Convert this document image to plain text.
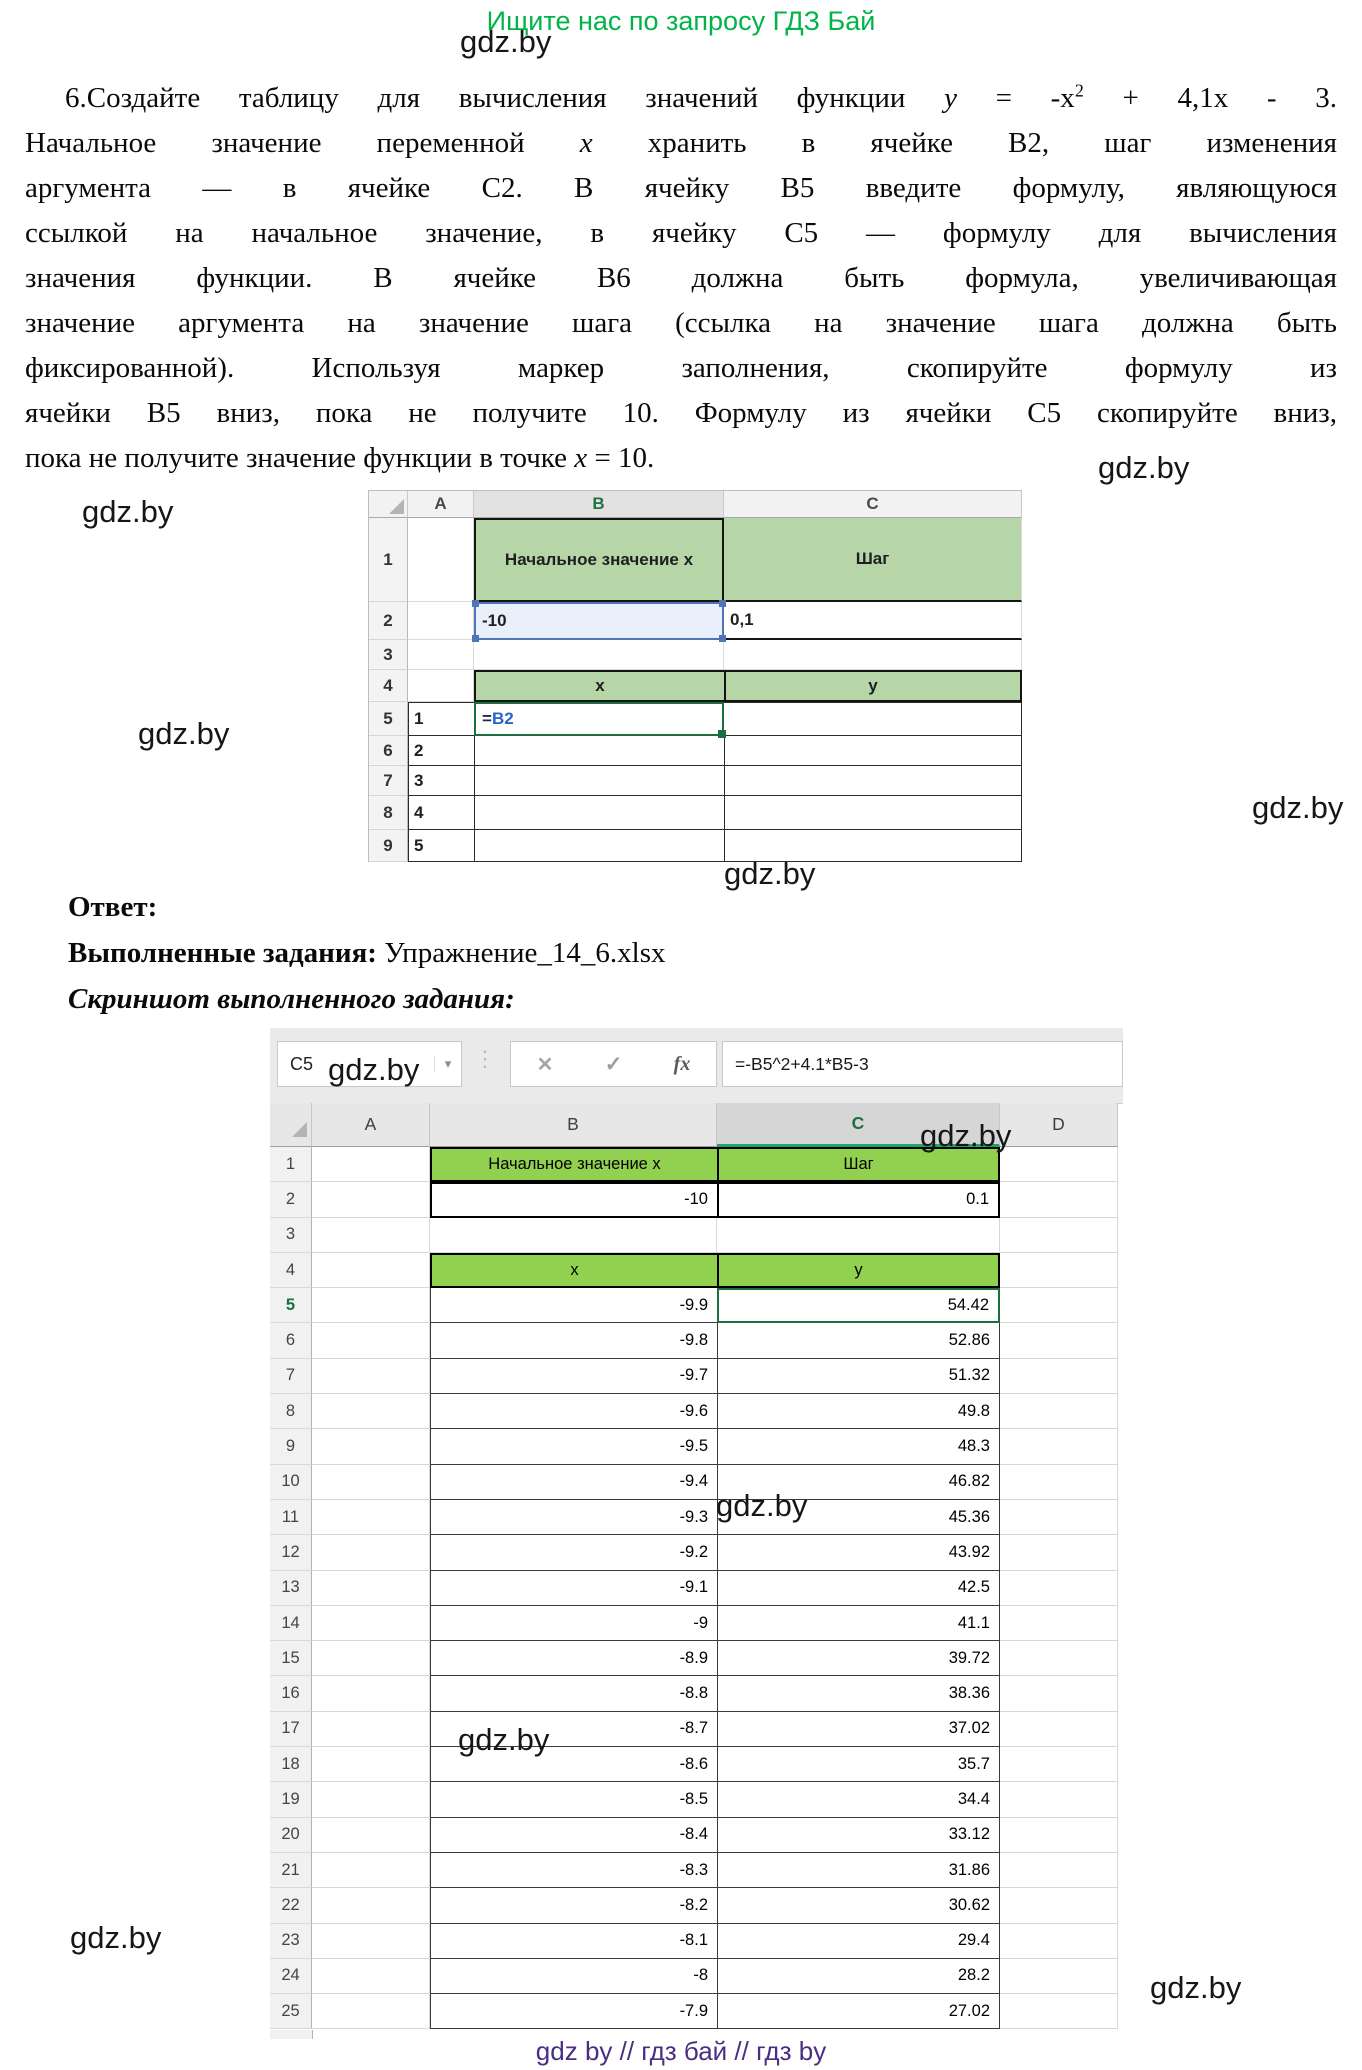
Ищите нас по запросу ГДЗ Бай
gdz.by
gdz.by
gdz.by
gdz.by
gdz.by
gdz.by
gdz.by
gdz.by
gdz.by
gdz.by
gdz.by
gdz.by
6.Создайте таблицу для вычисления значений функции $y = -x^2 + 4,1x - 3$.
Начальное значение переменной x хранить в ячейке B2, шаг изменения
аргумента — в ячейке C2. В ячейку B5 введите формулу, являющуюся
ссылкой на начальное значение, в ячейку C5 — формулу для вычисления
значения функции. В ячейке B6 должна быть формула, увеличивающая
значение аргумента на значение шага (ссылка на значение шага должна быть
фиксированной). Используя маркер заполнения, скопируйте формулу из
ячейки B5 вниз, пока не получите 10. Формулу из ячейки C5 скопируйте вниз,
пока не получите значение функции в точке x = 10.
A	B	C
1	Начальное значение x	Шаг
2	-10	0,1
3
4	x	y
5	1	= B2
6	2
7	3
8	4
9	5
Ответ:
Выполненные задания: Упражнение_14_6.xlsx
Скриншот выполненного задания:
C5	▾	⋮ ✕ ✓	fx	=-B5^2+4.1*B5-3
A	B	C	D
1	Начальное значение x	Шаг
2	-10	0.1
3
4	x	y
5	-9.9	54.42
6	-9.8	52.86
7	-9.7	51.32
8	-9.6	49.8
9	-9.5	48.3
10	-9.4	46.82
11	-9.3	45.36
12	-9.2	43.92
13	-9.1	42.5
14	-9	41.1
15	-8.9	39.72
16	-8.8	38.36
17	-8.7	37.02
18	-8.6	35.7
19	-8.5	34.4
20	-8.4	33.12
21	-8.3	31.86
22	-8.2	30.62
23	-8.1	29.4
24	-8	28.2
25	-7.9	27.02
gdz by // гдз бай // гдз by
